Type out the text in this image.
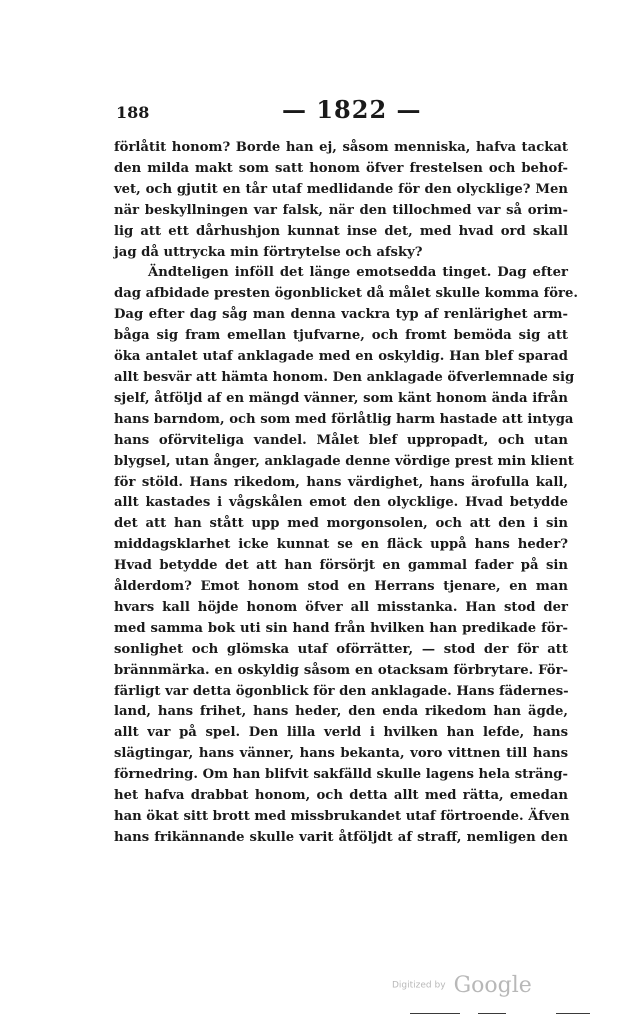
188	— 1822 —
förlåtit honom? Borde han ej, såsom menniska, hafva tackat
den milda makt som satt honom öfver frestelsen och behof-
vet, och gjutit en tår utaf medlidande för den olycklige? Men
när beskyllningen var falsk, när den tillochmed var så orim-
lig att ett dårhushjon kunnat inse det, med hvad ord skall
jag då uttrycka min förtrytelse och afsky?
Ändteligen inföll det länge emotsedda tinget. Dag efter
dag afbidade presten ögonblicket då målet skulle komma före.
Dag efter dag såg man denna vackra typ af renlärighet arm-
båga sig fram emellan tjufvarne, och fromt bemöda sig att
öka antalet utaf anklagade med en oskyldig. Han blef sparad
allt besvär att hämta honom. Den anklagade öfverlemnade sig
sjelf, åtföljd af en mängd vänner, som känt honom ända ifrån
hans barndom, och som med förlåtlig harm hastade att intyga
hans oförviteliga vandel. Målet blef uppropadt, och utan
blygsel, utan ånger, anklagade denne vördige prest min klient
för stöld. Hans rikedom, hans värdighet, hans ärofulla kall,
allt kastades i vågskålen emot den olycklige. Hvad betydde
det att han stått upp med morgonsolen, och att den i sin
middagsklarhet icke kunnat se en fläck uppå hans heder?
Hvad betydde det att han försörjt en gammal fader på sin
ålderdom? Emot honom stod en Herrans tjenare, en man
hvars kall höjde honom öfver all misstanka. Han stod der
med samma bok uti sin hand från hvilken han predikade för-
sonlighet och glömska utaf oförrätter, — stod der för att
brännmärka. en oskyldig såsom en otacksam förbrytare. För-
färligt var detta ögonblick för den anklagade. Hans fädernes-
land, hans frihet, hans heder, den enda rikedom han ägde,
allt var på spel. Den lilla verld i hvilken han lefde, hans
slägtingar, hans vänner, hans bekanta, voro vittnen till hans
förnedring. Om han blifvit sakfälld skulle lagens hela sträng-
het hafva drabbat honom, och detta allt med rätta, emedan
han ökat sitt brott med missbrukandet utaf förtroende. Äfven
hans frikännande skulle varit åtföljdt af straff, nemligen den
Digitized by Google
